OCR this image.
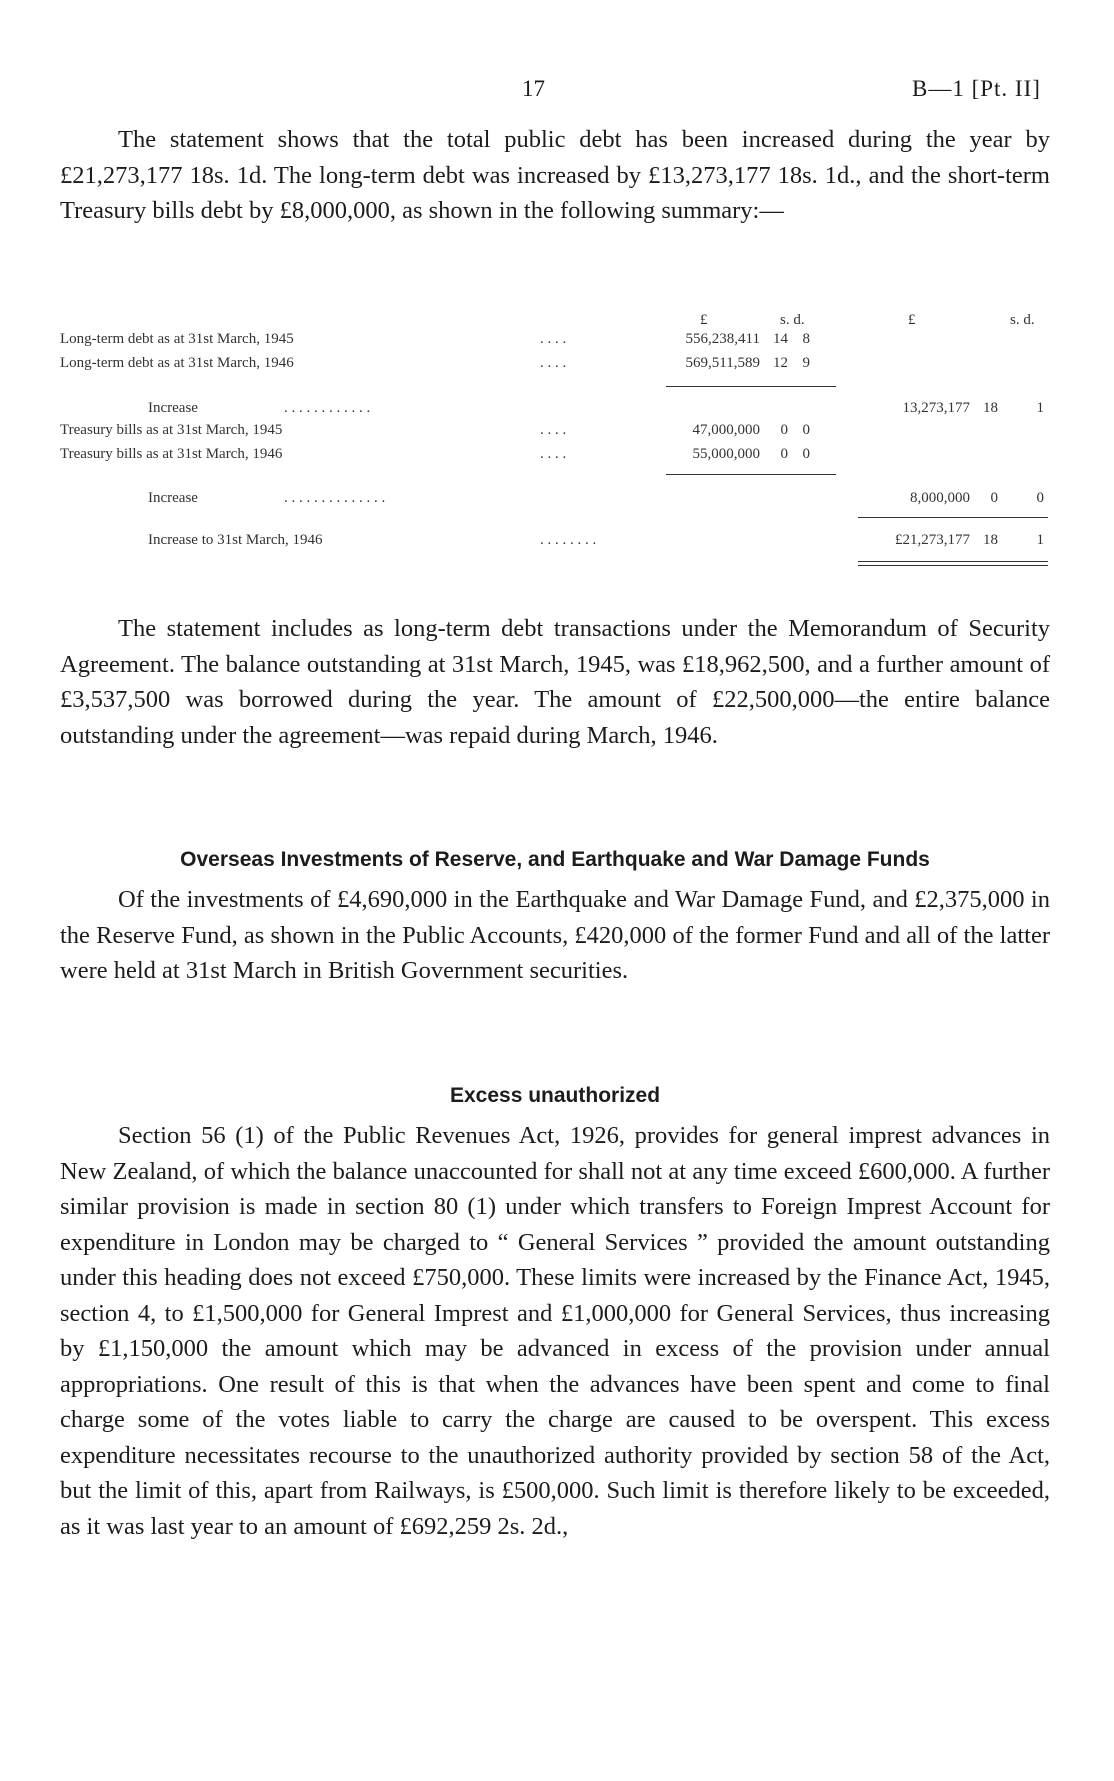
17	B—1 [Pt. II]

The statement shows that the total public debt has been increased during the year by £21,273,177 18s. 1d. The long-term debt was increased by £13,273,177 18s. 1d., and the short-term Treasury bills debt by £8,000,000, as shown in the following summary:—

£	s. d.	£	s. d.
Long-term debt as at 31st March, 1945	. . . .	556,238,411 14 8
Long-term debt as at 31st March, 1946	. . . .	569,511,589 12 9
Increase	. . . . . . . . . . . .	13,273,177 18	1
Treasury bills as at 31st March, 1945	. . . .	47,000,000	0 0
Treasury bills as at 31st March, 1946	. . . .	55,000,000	0 0
Increase	. . . . . . . . . . . . . .	8,000,000	0	0
Increase to 31st March, 1946	. . . . . . . .	£21,273,177 18	1

The statement includes as long-term debt transactions under the Memorandum of Security Agreement. The balance outstanding at 31st March, 1945, was £18,962,500, and a further amount of £3,537,500 was borrowed during the year. The amount of £22,500,000—the entire balance outstanding under the agreement—was repaid during March, 1946.

Overseas Investments of Reserve, and Earthquake and War Damage Funds

Of the investments of £4,690,000 in the Earthquake and War Damage Fund, and £2,375,000 in the Reserve Fund, as shown in the Public Accounts, £420,000 of the former Fund and all of the latter were held at 31st March in British Government securities.

Excess unauthorized

Section 56 (1) of the Public Revenues Act, 1926, provides for general imprest advances in New Zealand, of which the balance unaccounted for shall not at any time exceed £600,000. A further similar provision is made in section 80 (1) under which transfers to Foreign Imprest Account for expenditure in London may be charged to “ General Services ” provided the amount outstanding under this heading does not exceed £750,000. These limits were increased by the Finance Act, 1945, section 4, to £1,500,000 for General Imprest and £1,000,000 for General Services, thus increasing by £1,150,000 the amount which may be advanced in excess of the provision under annual appropriations. One result of this is that when the advances have been spent and come to final charge some of the votes liable to carry the charge are caused to be overspent. This excess expenditure necessitates recourse to the unauthorized authority provided by section 58 of the Act, but the limit of this, apart from Railways, is £500,000. Such limit is therefore likely to be exceeded, as it was last year to an amount of £692,259 2s. 2d.,
